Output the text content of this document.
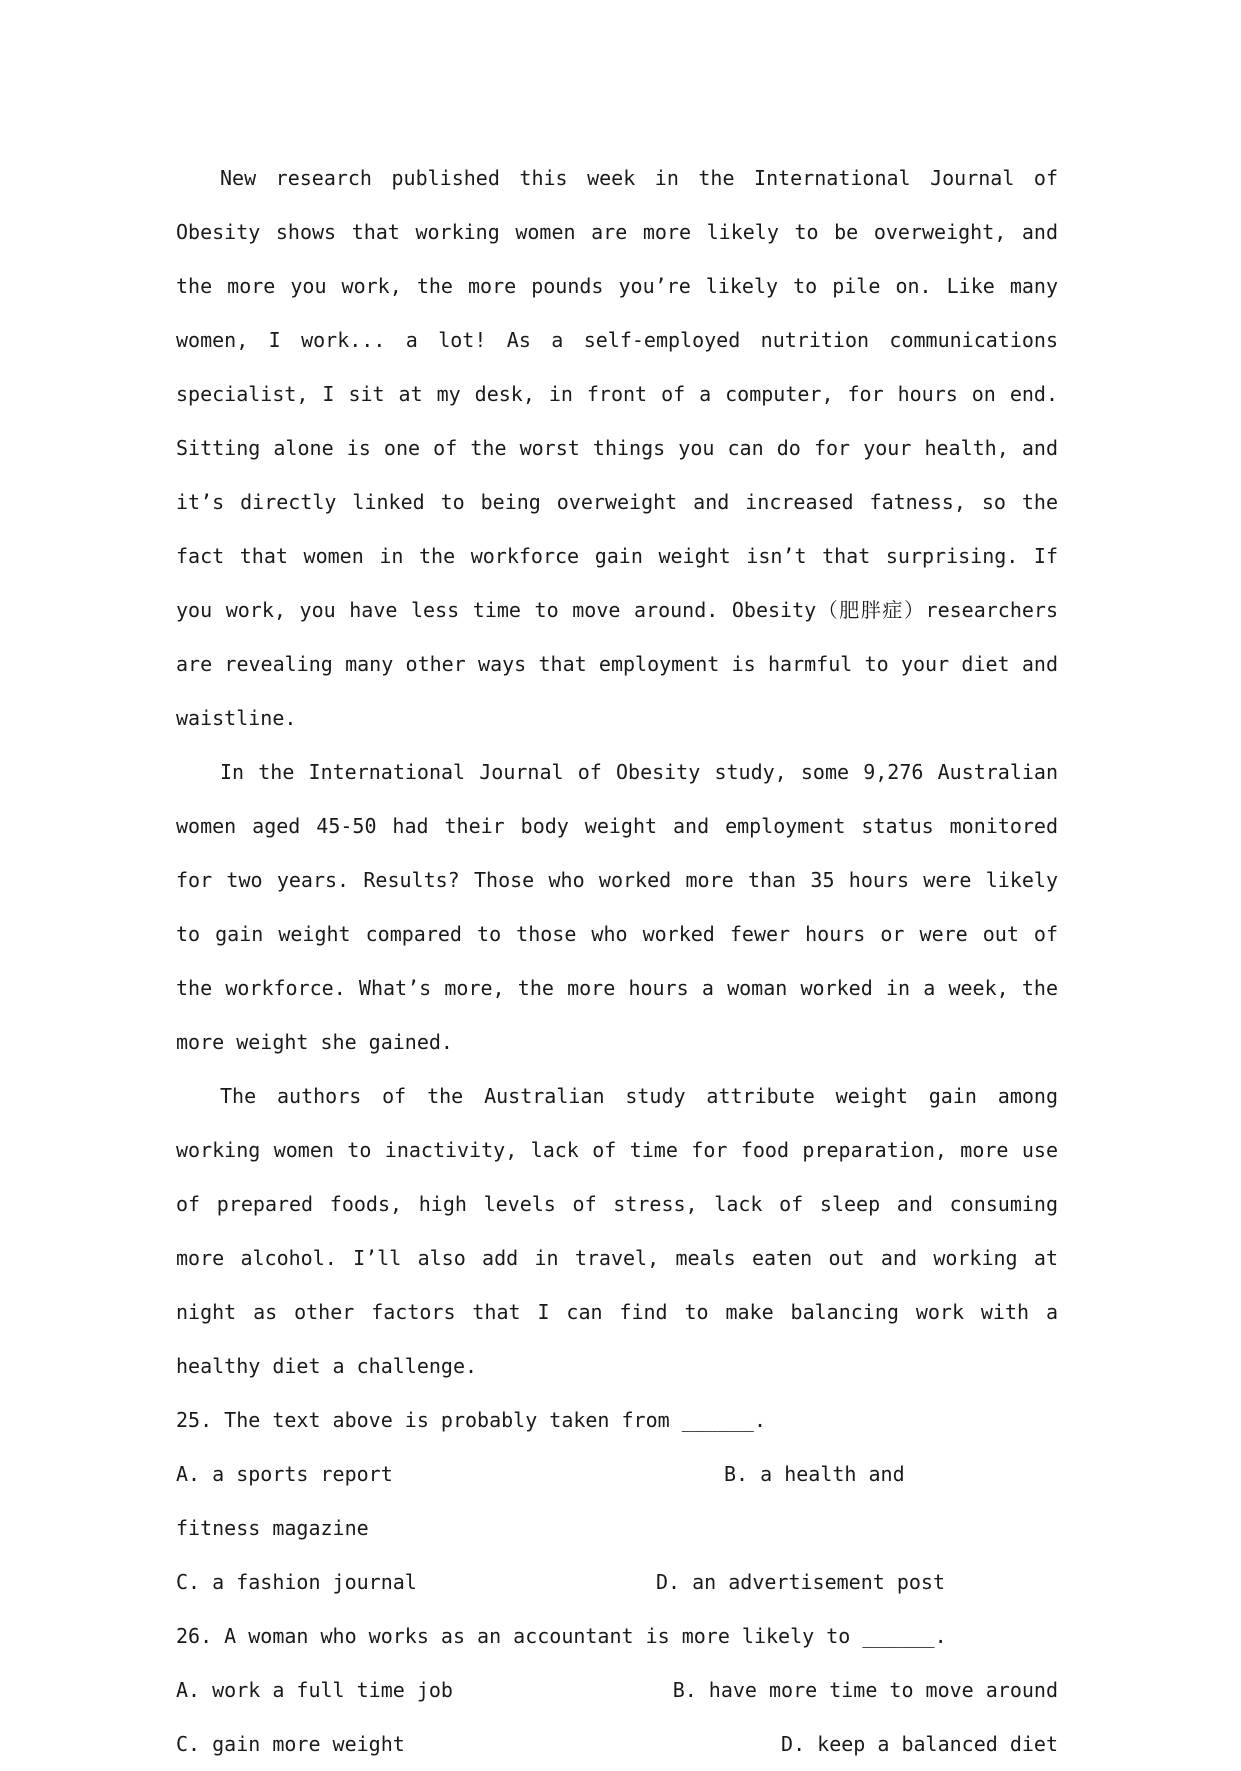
New research published this week in the International Journal of Obesity shows that working women are more likely to be overweight, and the more you work, the more pounds you’re likely to pile on. Like many women, I work... a lot! As a self-employed nutrition communications specialist, I sit at my desk, in front of a computer, for hours on end. Sitting alone is one of the worst things you can do for your health, and it’s directly linked to being overweight and increased fatness, so the fact that women in the workforce gain weight isn’t that surprising. If you work, you have less time to move around. Obesity（肥胖症）researchers are revealing many other ways that employment is harmful to your diet and waistline.

In the International Journal of Obesity study, some 9,276 Australian women aged 45-50 had their body weight and employment status monitored for two years. Results? Those who worked more than 35 hours were likely to gain weight compared to those who worked fewer hours or were out of the workforce. What’s more, the more hours a woman worked in a week, the more weight she gained.

The authors of the Australian study attribute weight gain among working women to inactivity, lack of time for food preparation, more use of prepared foods, high levels of stress, lack of sleep and consuming more alcohol. I’ll also add in travel, meals eaten out and working at night as other factors that I can find to make balancing work with a healthy diet a challenge.

25. The text above is probably taken from ______.

A. a sports report	B. a health and fitness magazine
C. a fashion journal	D. an advertisement post

26. A woman who works as an accountant is more likely to ______.

A. work a full time job	B. have more time to move around
C. gain more weight	D. keep a balanced diet
